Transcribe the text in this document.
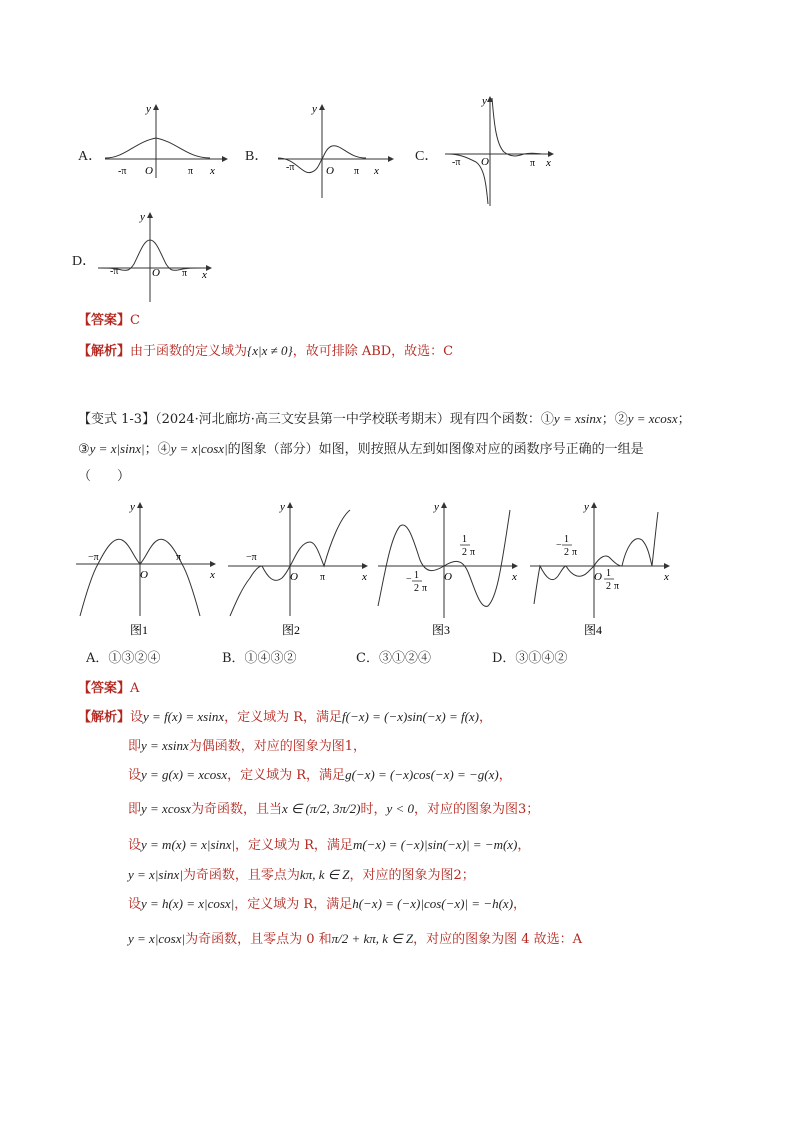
A．
y
-π O	π x
B．
y
-π	O π x
C．
y
-π O	π x
D．
y
-π	O π x
【答案】C
【解析】由于函数的定义域为{x|x ≠ 0}，故可排除 ABD，故选：C
【变式 1-3】（2024·河北廊坊·高三文安县第一中学校联考期末）现有四个函数：①y = xsinx；②y = xcosx；
③y = x|sinx|；④y = x|cosx|的图象（部分）如图，则按照从左到如图像对应的函数序号正确的一组是
（　　）
y
−π	π
O	x
图1
y
−π
O π	x
图2
y
1
2 π
− 1
2 π
O	x
图3
y
−
1
2 π
O 1
2 π
x
图4
A．①③②④	B．①④③②	C．③①②④	D．③①④②
【答案】A
【解析】设y = f(x) = xsinx，定义域为 R，满足f(−x) = (−x)sin(−x) = f(x)，
即y = xsinx为偶函数，对应的图象为图1，
设y = g(x) = xcosx，定义域为 R，满足g(−x) = (−x)cos(−x) = −g(x)，
即y = xcosx为奇函数，且当x ∈ (π/2, 3π/2)时，y < 0，对应的图象为图3；
设y = m(x) = x|sinx|，定义域为 R，满足m(−x) = (−x)|sin(−x)| = −m(x)，
y = x|sinx|为奇函数，且零点为kπ, k ∈ Z，对应的图象为图2；
设y = h(x) = x|cosx|，定义域为 R，满足h(−x) = (−x)|cos(−x)| = −h(x)，
y = x|cosx|为奇函数，且零点为 0 和π/2 + kπ, k ∈ Z，对应的图象为图 4 故选：A
